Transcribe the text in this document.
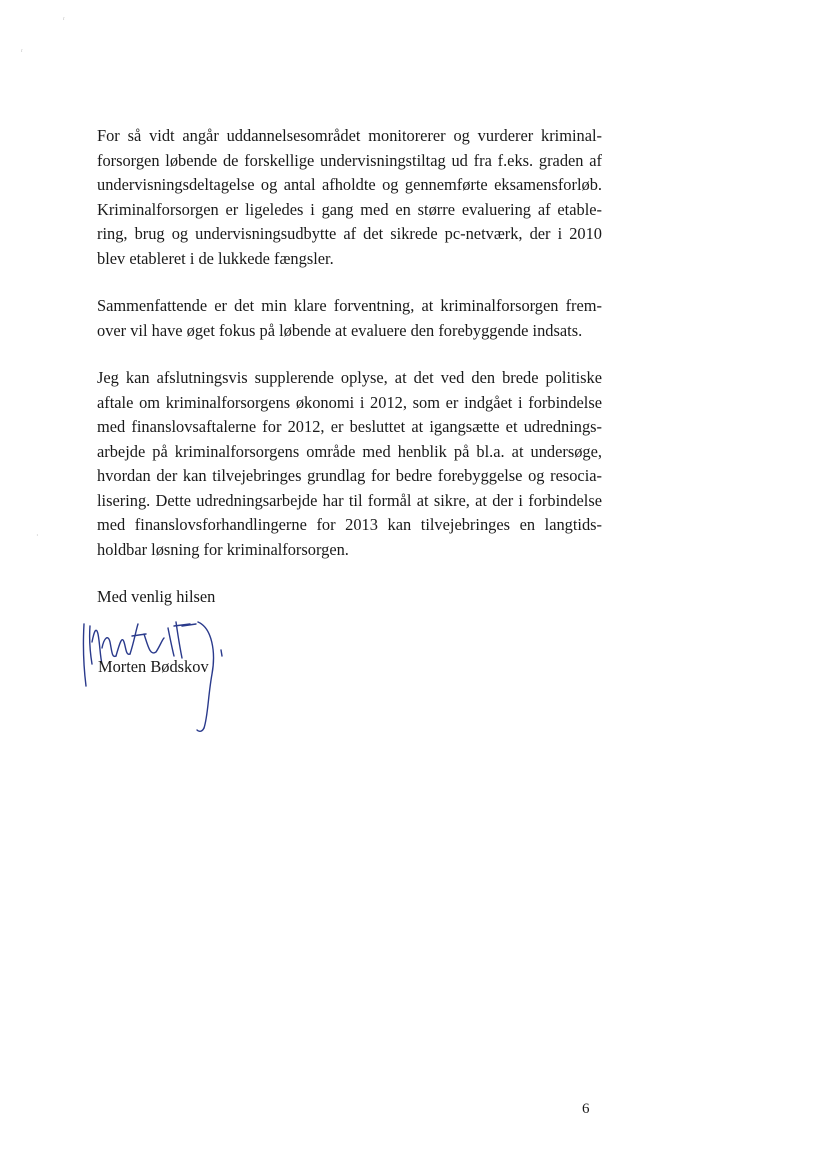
ʳ
ʳ

For så vidt angår uddannelsesområdet monitorerer og vurderer kriminal-
forsorgen løbende de forskellige undervisningstiltag ud fra f.eks. graden af
undervisningsdeltagelse og antal afholdte og gennemførte eksamensforløb.
Kriminalforsorgen er ligeledes i gang med en større evaluering af etable-
ring, brug og undervisningsudbytte af det sikrede pc-netværk, der i 2010
blev etableret i de lukkede fængsler.

Sammenfattende er det min klare forventning, at kriminalforsorgen frem-
over vil have øget fokus på løbende at evaluere den forebyggende indsats.

Jeg kan afslutningsvis supplerende oplyse, at det ved den brede politiske
aftale om kriminalforsorgens økonomi i 2012, som er indgået i forbindelse
med finanslovsaftalerne for 2012, er besluttet at igangsætte et udrednings-
arbejde på kriminalforsorgens område med henblik på bl.a. at undersøge,
hvordan der kan tilvejebringes grundlag for bedre forebyggelse og resocia-
lisering. Dette udredningsarbejde har til formål at sikre, at der i forbindelse
med finanslovsforhandlingerne for 2013 kan tilvejebringes en langtids-
holdbar løsning for kriminalforsorgen.

Med venlig hilsen

Morten Bødskov
6
·
